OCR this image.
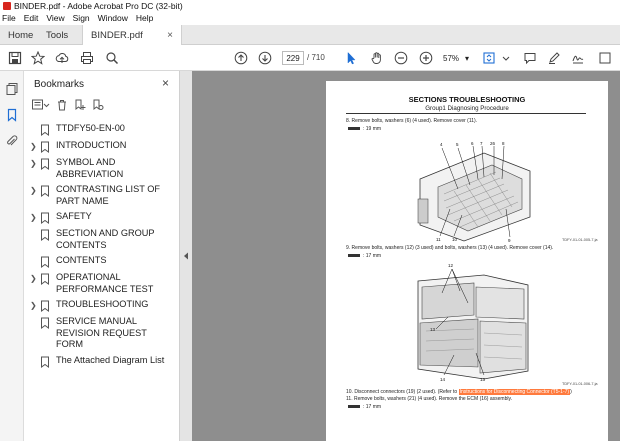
BINDER.pdf - Adobe Acrobat Pro DC (32-bit)
File Edit View Sign Window Help
Home	Tools	BINDER.pdf ×
229 / 710	57% ▾
Bookmarks	×
TTDFY50-EN-00
❯	INTRODUCTION
❯	SYMBOL AND ABBREVIATION
❯	CONTRASTING LIST OF PART NAME
❯	SAFETY
SECTION AND GROUP CONTENTS
CONTENTS
❯	OPERATIONAL PERFORMANCE TEST
❯	TROUBLESHOOTING
SERVICE MANUAL REVISION REQUEST FORM
The Attached Diagram List
SECTIONS TROUBLESHOOTING
Group1 Diagnosing Procedure
8. Remove bolts, washers (6) (4 used). Remove cover (11).
: 19 mm
4	5	6 7 26 8
11	10	9	TDFY-01-01-005-7.ja
9. Remove bolts, washers (12) (3 used) and bolts, washers (13) (4 used). Remove cover (14).
: 17 mm
12
13
14	13
TDFY-01-01-006-7.ja
10. Disconnect connectors (19) (2 used). (Refer to Instructions for Disconnecting Connector (T5-1-7))
11. Remove bolts, washers (21) (4 used). Remove the ECM (16) assembly.
: 17 mm
